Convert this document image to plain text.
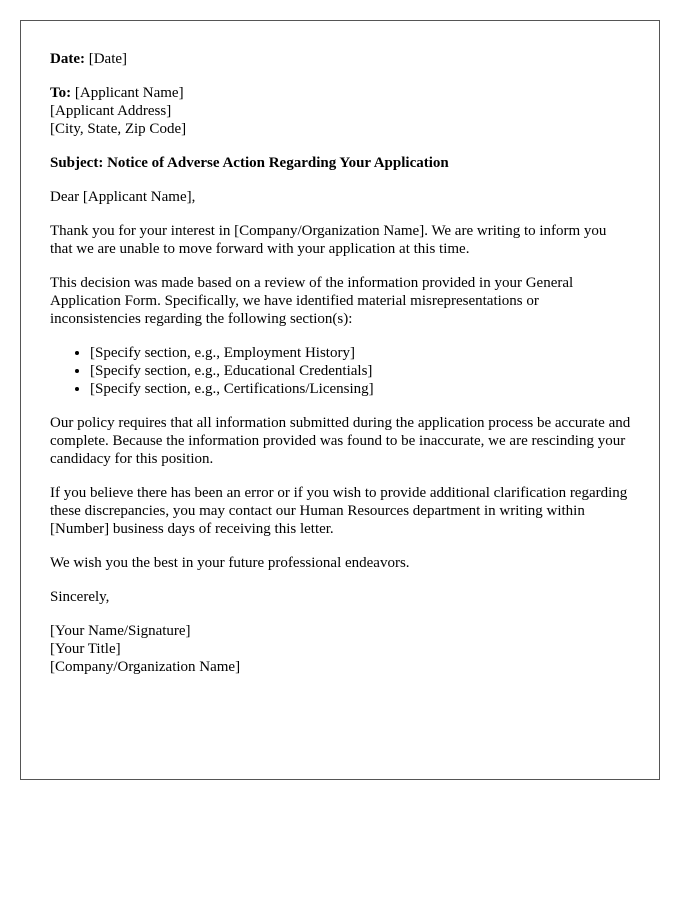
Date: [Date]
To: [Applicant Name]
[Applicant Address]
[City, State, Zip Code]
Subject: Notice of Adverse Action Regarding Your Application
Dear [Applicant Name],
Thank you for your interest in [Company/Organization Name]. We are writing to inform you that we are unable to move forward with your application at this time.
This decision was made based on a review of the information provided in your General Application Form. Specifically, we have identified material misrepresentations or inconsistencies regarding the following section(s):
• [Specify section, e.g., Employment History]
• [Specify section, e.g., Educational Credentials]
• [Specify section, e.g., Certifications/Licensing]
Our policy requires that all information submitted during the application process be accurate and complete. Because the information provided was found to be inaccurate, we are rescinding your candidacy for this position.
If you believe there has been an error or if you wish to provide additional clarification regarding these discrepancies, you may contact our Human Resources department in writing within [Number] business days of receiving this letter.
We wish you the best in your future professional endeavors.
Sincerely,
[Your Name/Signature]
[Your Title]
[Company/Organization Name]
